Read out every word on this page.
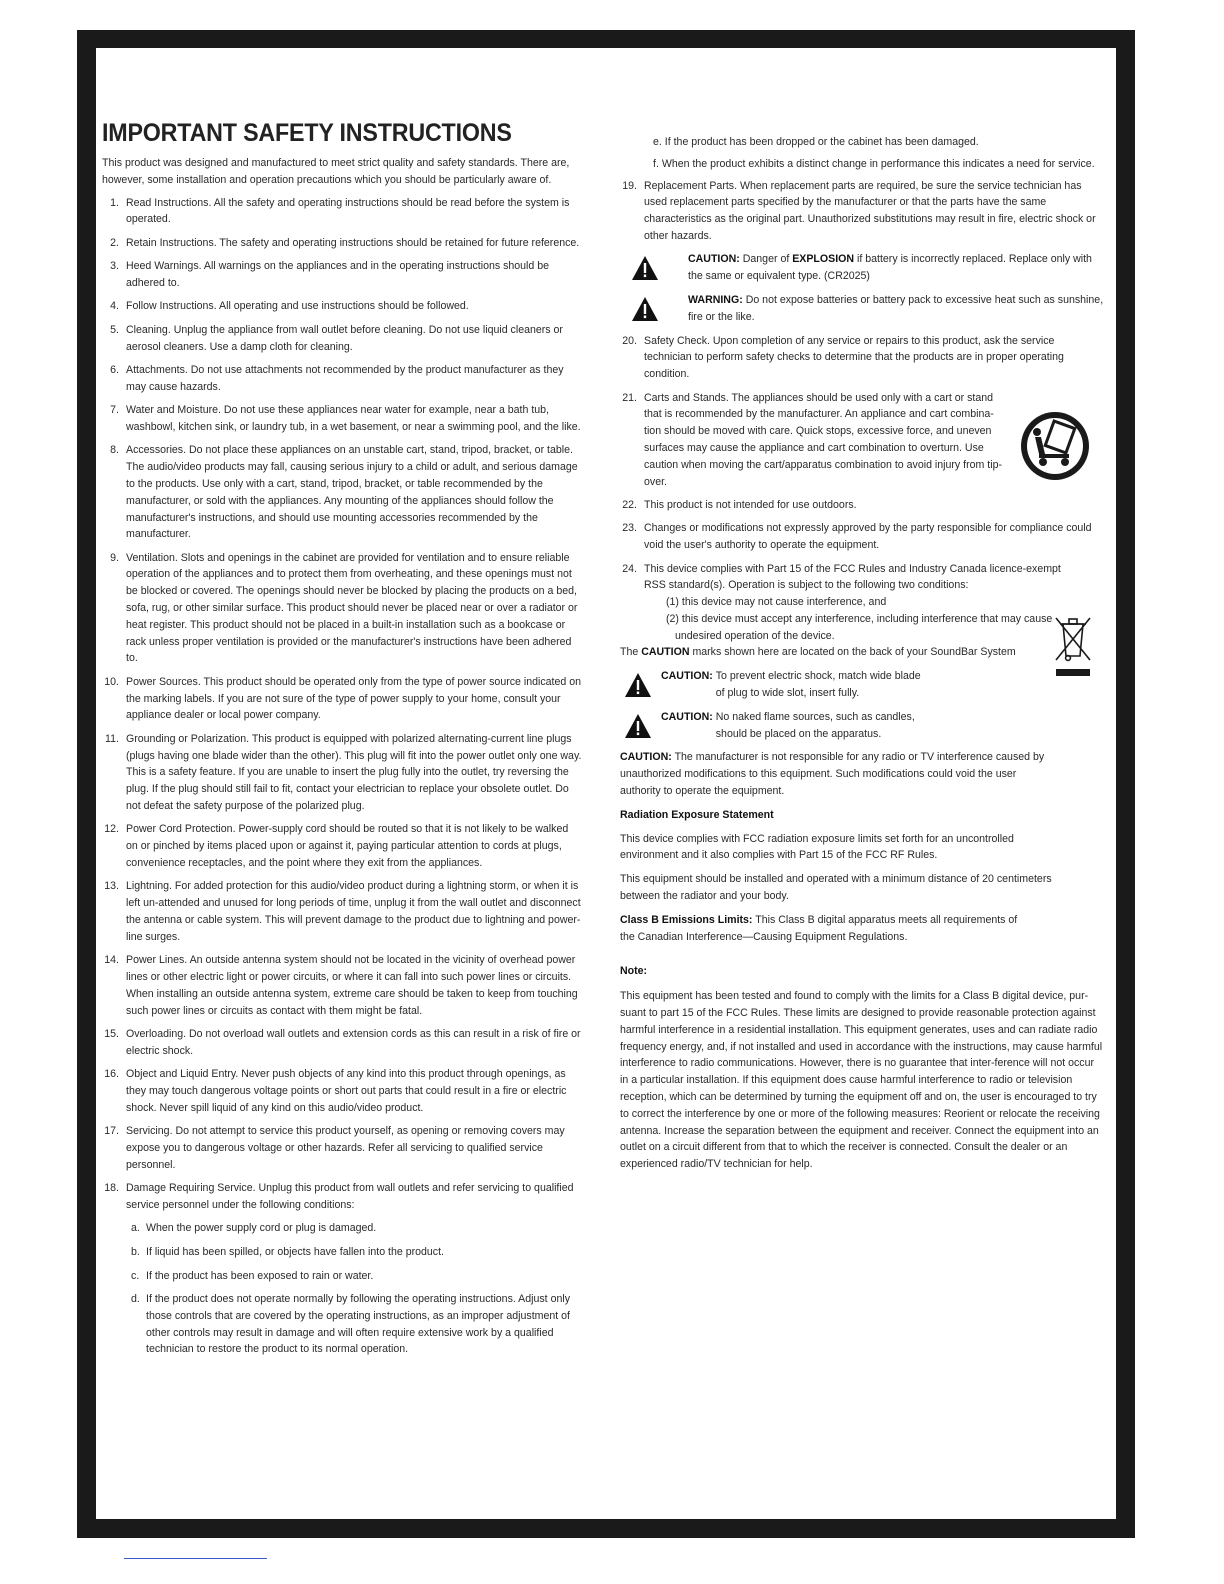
IMPORTANT SAFETY INSTRUCTIONS

This product was designed and manufactured to meet strict quality and safety standards. There are, however, some installation and operation precautions which you should be particularly aware of.

1. Read Instructions. All the safety and operating instructions should be read before the system is operated.
2. Retain Instructions. The safety and operating instructions should be retained for future reference.
3. Heed Warnings. All warnings on the appliances and in the operating instructions should be adhered to.
4. Follow Instructions. All operating and use instructions should be followed.
5. Cleaning. Unplug the appliance from wall outlet before cleaning. Do not use liquid cleaners or aerosol cleaners. Use a damp cloth for cleaning.
6. Attachments. Do not use attachments not recommended by the product manufacturer as they may cause hazards.
7. Water and Moisture. Do not use these appliances near water for example, near a bath tub, washbowl, kitchen sink, or laundry tub, in a wet basement, or near a swimming pool, and the like.
8. Accessories. Do not place these appliances on an unstable cart, stand, tripod, bracket, or table. The audio/video products may fall, causing serious injury to a child or adult, and serious damage to the products. Use only with a cart, stand, tripod, bracket, or table recommended by the manufacturer, or sold with the appliances. Any mounting of the appliances should follow the manufacturer's instructions, and should use mounting accessories recommended by the manufacturer.
9. Ventilation. Slots and openings in the cabinet are provided for ventilation and to ensure reliable operation of the appliances and to protect them from overheating, and these openings must not be blocked or covered. The openings should never be blocked by placing the products on a bed, sofa, rug, or other similar surface. This product should never be placed near or over a radiator or heat register. This product should not be placed in a built-in installation such as a bookcase or rack unless proper ventilation is provided or the manufacturer's instructions have been adhered to.
10. Power Sources. This product should be operated only from the type of power source indicated on the marking labels. If you are not sure of the type of power supply to your home, consult your appliance dealer or local power company.
11. Grounding or Polarization. This product is equipped with polarized alternating-current line plugs (plugs having one blade wider than the other). This plug will fit into the power outlet only one way. This is a safety feature. If you are unable to insert the plug fully into the outlet, try reversing the plug. If the plug should still fail to fit, contact your electrician to replace your obsolete outlet. Do not defeat the safety purpose of the polarized plug.
12. Power Cord Protection. Power-supply cord should be routed so that it is not likely to be walked on or pinched by items placed upon or against it, paying particular attention to cords at plugs, convenience receptacles, and the point where they exit from the appliances.
13. Lightning. For added protection for this audio/video product during a lightning storm, or when it is left un-attended and unused for long periods of time, unplug it from the wall outlet and disconnect the antenna or cable system. This will prevent damage to the product due to lightning and power-line surges.
14. Power Lines. An outside antenna system should not be located in the vicinity of overhead power lines or other electric light or power circuits, or where it can fall into such power lines or circuits. When installing an outside antenna system, extreme care should be taken to keep from touching such power lines or circuits as contact with them might be fatal.
15. Overloading. Do not overload wall outlets and extension cords as this can result in a risk of fire or electric shock.
16. Object and Liquid Entry. Never push objects of any kind into this product through openings, as they may touch dangerous voltage points or short out parts that could result in a fire or electric shock. Never spill liquid of any kind on this audio/video product.
17. Servicing. Do not attempt to service this product yourself, as opening or removing covers may expose you to dangerous voltage or other hazards. Refer all servicing to qualified service personnel.
18. Damage Requiring Service. Unplug this product from wall outlets and refer servicing to qualified service personnel under the following conditions:
a. When the power supply cord or plug is damaged.
b. If liquid has been spilled, or objects have fallen into the product.
c. If the product has been exposed to rain or water.
d. If the product does not operate normally by following the operating instructions. Adjust only those controls that are covered by the operating instructions, as an improper adjustment of other controls may result in damage and will often require extensive work by a qualified technician to restore the product to its normal operation.
e. If the product has been dropped or the cabinet has been damaged.
f. When the product exhibits a distinct change in performance this indicates a need for service.
19. Replacement Parts. When replacement parts are required, be sure the service technician has used replacement parts specified by the manufacturer or that the parts have the same characteristics as the original part. Unauthorized substitutions may result in fire, electric shock or other hazards.
CAUTION: Danger of EXPLOSION if battery is incorrectly replaced. Replace only with the same or equivalent type. (CR2025)
WARNING: Do not expose batteries or battery pack to excessive heat such as sunshine, fire or the like.
20. Safety Check. Upon completion of any service or repairs to this product, ask the service technician to perform safety checks to determine that the products are in proper operating condition.
21. Carts and Stands. The appliances should be used only with a cart or stand that is recommended by the manufacturer. An appliance and cart combina-tion should be moved with care. Quick stops, excessive force, and uneven surfaces may cause the appliance and cart combination to overturn. Use caution when moving the cart/apparatus combination to avoid injury from tip-over.
22. This product is not intended for use outdoors.
23. Changes or modifications not expressly approved by the party responsible for compliance could void the user's authority to operate the equipment.
24. This device complies with Part 15 of the FCC Rules and Industry Canada licence-exempt RSS standard(s). Operation is subject to the following two conditions:
(1) this device may not cause interference, and
(2) this device must accept any interference, including interference that may cause
undesired operation of the device.
The CAUTION marks shown here are located on the back of your SoundBar System
CAUTION: To prevent electric shock, match wide blade of plug to wide slot, insert fully.
CAUTION: No naked flame sources, such as candles, should be placed on the apparatus.
CAUTION: The manufacturer is not responsible for any radio or TV interference caused by unauthorized modifications to this equipment. Such modifications could void the user authority to operate the equipment.
Radiation Exposure Statement
This device complies with FCC radiation exposure limits set forth for an uncontrolled environment and it also complies with Part 15 of the FCC RF Rules.
This equipment should be installed and operated with a minimum distance of 20 centimeters between the radiator and your body.
Class B Emissions Limits: This Class B digital apparatus meets all requirements of the Canadian Interference—Causing Equipment Regulations.
Note:
This equipment has been tested and found to comply with the limits for a Class B digital device, pur-suant to part 15 of the FCC Rules. These limits are designed to provide reasonable protection against harmful interference in a residential installation. This equipment generates, uses and can radiate radio frequency energy, and, if not installed and used in accordance with the instructions, may cause harmful interference to radio communications. However, there is no guarantee that inter-ference will not occur in a particular installation. If this equipment does cause harmful interference to radio or television reception, which can be determined by turning the equipment off and on, the user is encouraged to try to correct the interference by one or more of the following measures: Reorient or relocate the receiving antenna. Increase the separation between the equipment and receiver. Connect the equipment into an outlet on a circuit different from that to which the receiver is connected. Consult the dealer or an experienced radio/TV technician for help.
